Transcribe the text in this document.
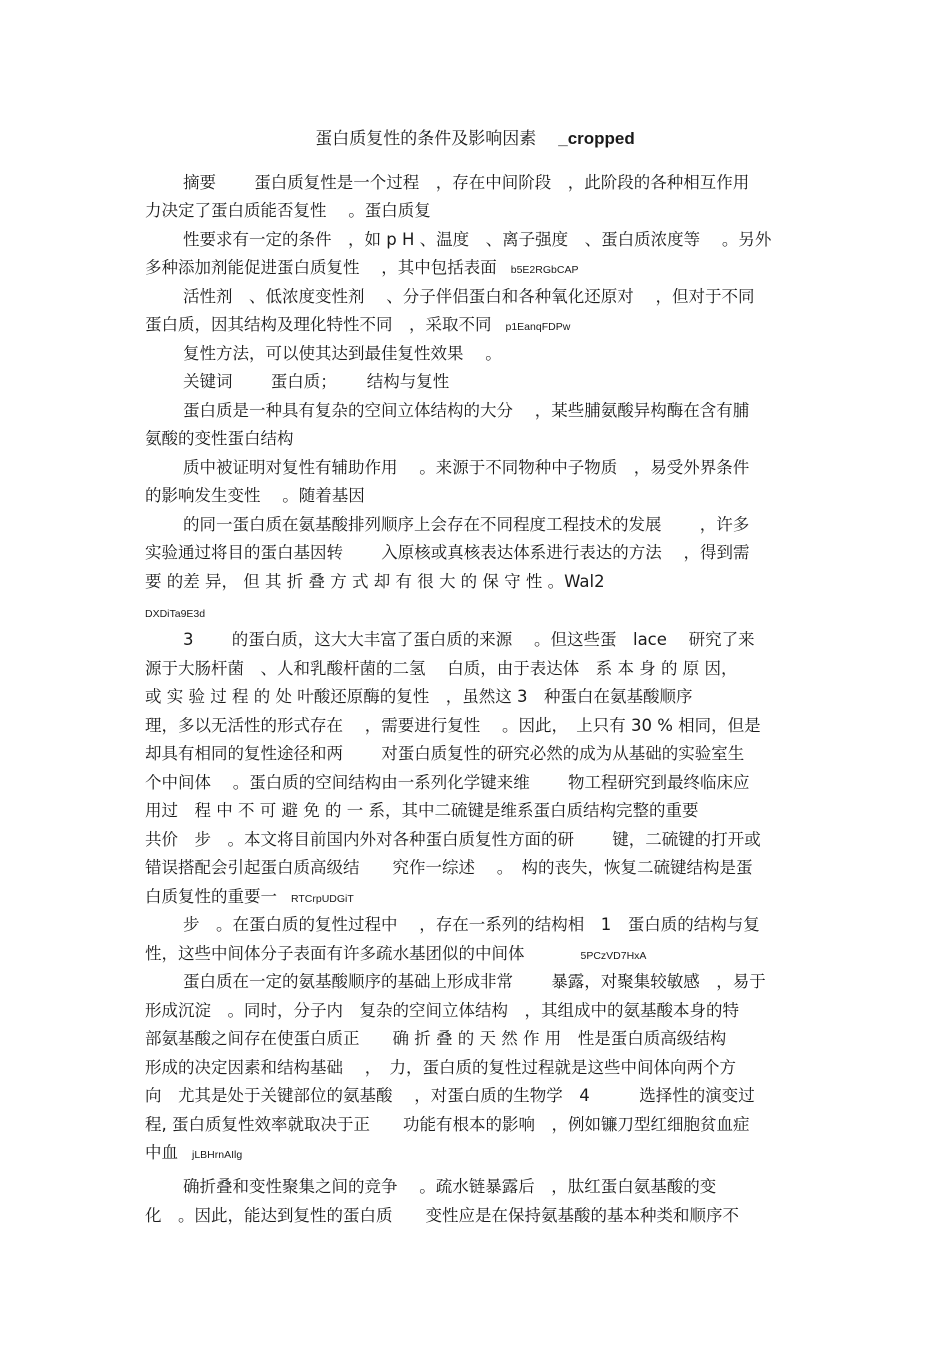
蛋白质复性的条件及影响因素 _cropped
摘要　　 蛋白质复性是一个过程　，存在中间阶段　，此阶段的各种相互作用
力决定了蛋白质能否复性　 。蛋白质复
性要求有一定的条件　，如 p H 、温度　、离子强度　、蛋白质浓度等　 。另外
多种添加剂能促进蛋白质复性　 ，其中包括表面 b5E2RGbCAP
活性剂　、低浓度变性剂　 、分子伴侣蛋白和各种氧化还原对　 ，但对于不同
蛋白质，因其结构及理化特性不同　，采取不同 p1EanqFDPw
复性方法，可以使其达到最佳复性效果　 。
关键词　　 蛋白质；　　 结构与复性
蛋白质是一种具有复杂的空间立体结构的大分　 ，某些脯氨酸异构酶在含有脯
氨酸的变性蛋白结构
质中被证明对复性有辅助作用　 。来源于不同物种中子物质　，易受外界条件
的影响发生变性　 。随着基因
的同一蛋白质在氨基酸排列顺序上会存在不同程度工程技术的发展　　 ，许多
实验通过将目的蛋白基因转　　 入原核或真核表达体系进行表达的方法　 ，得到需
要 的差 异， 但 其 折 叠 方 式 却 有 很 大 的 保 守 性 。Wal2
DXDiTa9E3d
3　　 的蛋白质，这大大丰富了蛋白质的来源　 。但这些蛋　lace　 研究了来
源于大肠杆菌　、人和乳酸杆菌的二氢　 白质，由于表达体　系 本 身 的 原 因，
或 实 验 过 程 的 处 叶酸还原酶的复性　，虽然这 3　种蛋白在氨基酸顺序
理，多以无活性的形式存在　 ，需要进行复性　 。因此，　上只有 30 % 相同，但是
却具有相同的复性途径和两　　 对蛋白质复性的研究必然的成为从基础的实验室生
个中间体　 。蛋白质的空间结构由一系列化学键来维　　 物工程研究到最终临床应
用过　程 中 不 可 避 免 的 一 系，其中二硫键是维系蛋白质结构完整的重要
共价　步　。本文将目前国内外对各种蛋白质复性方面的研　　 键，二硫键的打开或
错误搭配会引起蛋白质高级结　　究作一综述　 。　构的丧失，恢复二硫键结构是蛋
白质复性的重要一 RTCrpUDGiT
步　。在蛋白质的复性过程中　 ，存在一系列的结构相　1　蛋白质的结构与复
性，这些中间体分子表面有许多疏水基团似的中间体	5PCzVD7HxA
蛋白质在一定的氨基酸顺序的基础上形成非常　　 暴露，对聚集较敏感　，易于
形成沉淀　。同时，分子内　复杂的空间立体结构　，其组成中的氨基酸本身的特
部氨基酸之间存在使蛋白质正　　确 折 叠 的 天 然 作 用　性是蛋白质高级结构
形成的决定因素和结构基础　 ，　力，蛋白质的复性过程就是这些中间体向两个方
向　尤其是处于关键部位的氨基酸　 ，对蛋白质的生物学　4　　　选择性的演变过
程, 蛋白质复性效率就取决于正　　功能有根本的影响　，例如镰刀型红细胞贫血症
中血 jLBHrnAIlg
确折叠和变性聚集之间的竞争　 。疏水链暴露后　，肽红蛋白氨基酸的变
化　。因此，能达到复性的蛋白质　　变性应是在保持氨基酸的基本种类和顺序不
